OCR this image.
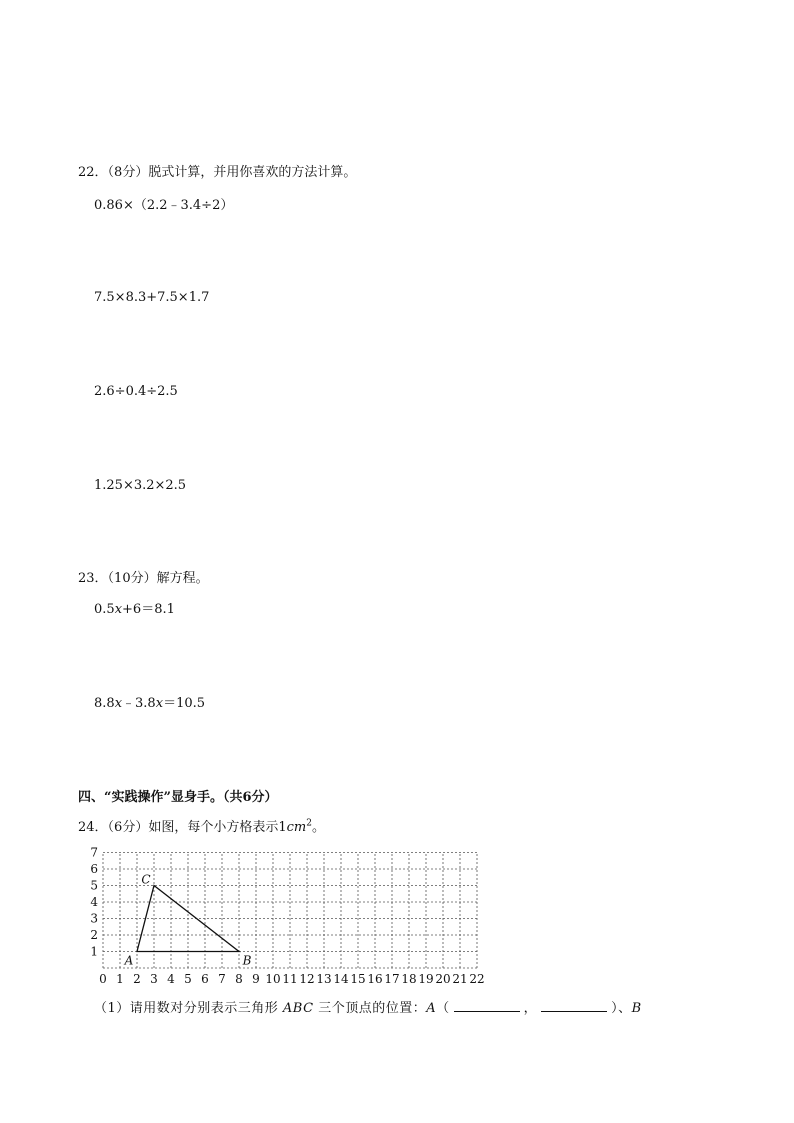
22．（8分）脱式计算，并用你喜欢的方法计算。
0.86×（2.2﹣3.4÷2）
7.5×8.3+7.5×1.7
2.6÷0.4÷2.5
1.25×3.2×2.5
23．（10分）解方程。
0.5x+6＝8.1
8.8x﹣3.8x＝10.5
四、“实践操作”显身手。（共6分）
24．（6分）如图，每个小方格表示$1cm^2$。
0 1 2 3 4 5 6 7 8 9 10 11 12 13 14 15 16 17 18 19 20 21 22
1
2
3
4
5
6
7
A	B
C
（1）请用数对分别表示三角形 ABC 三个顶点的位置：A（	，	）、B
